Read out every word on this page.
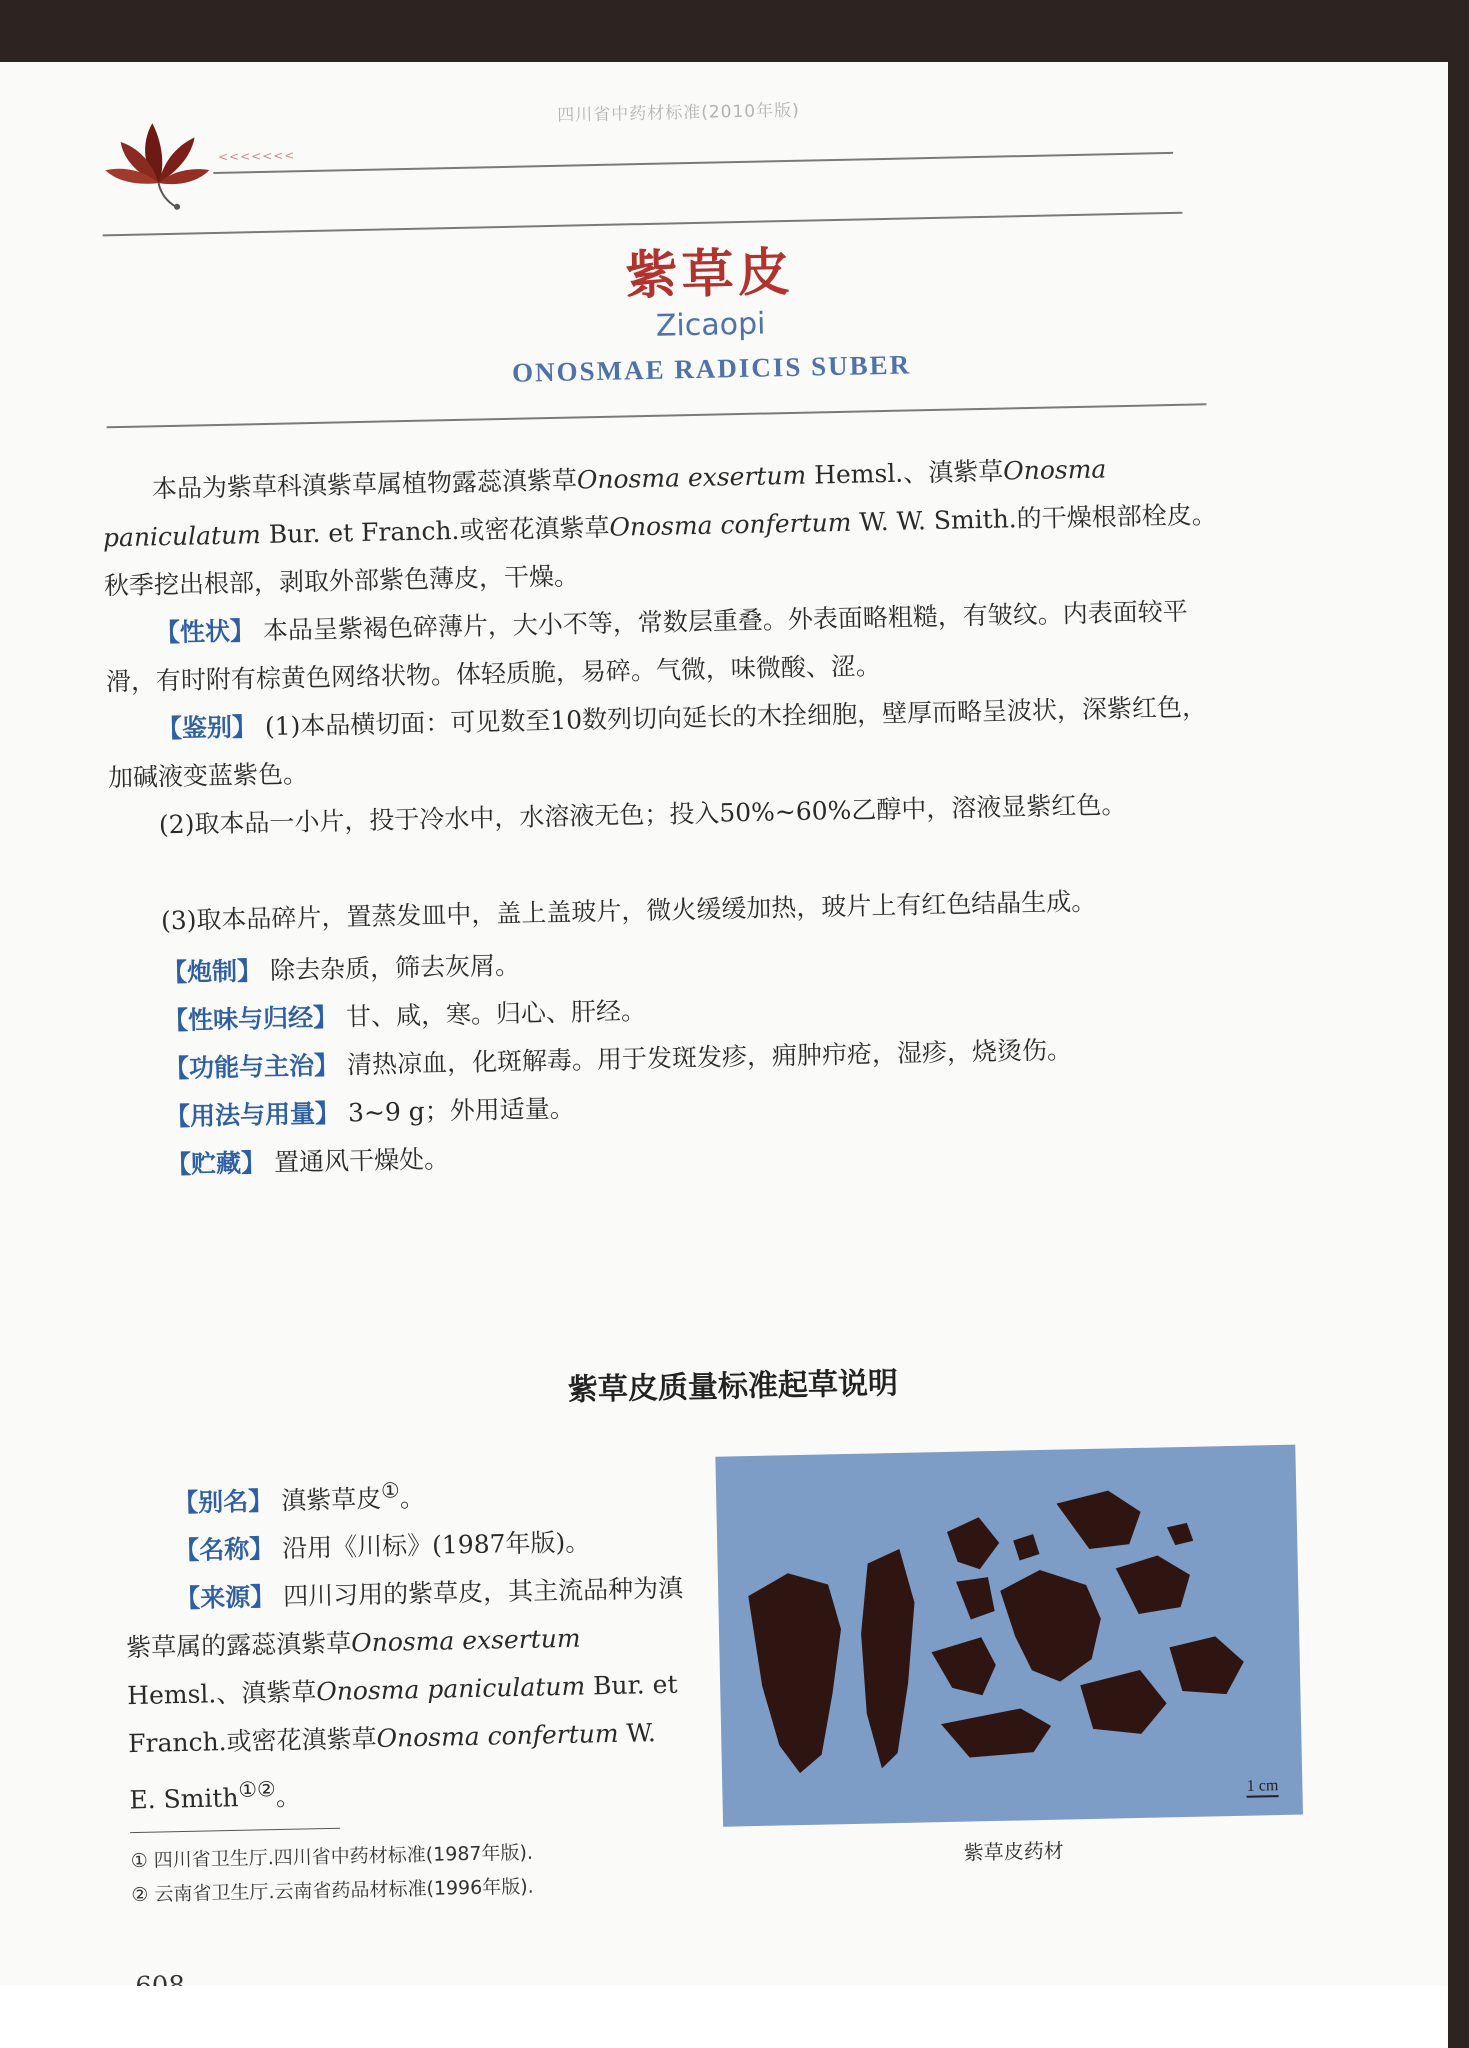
<<<<<<<
四川省中药材标准(2010年版)
紫草皮
Zicaopi
ONOSMAE RADICIS SUBER
本品为紫草科滇紫草属植物露蕊滇紫草Onosma exsertum Hemsl.、滇紫草Onosma paniculatum Bur. et Franch.或密花滇紫草Onosma confertum W. W. Smith.的干燥根部栓皮。秋季挖出根部，剥取外部紫色薄皮，干燥。
【性状】 本品呈紫褐色碎薄片，大小不等，常数层重叠。外表面略粗糙，有皱纹。内表面较平滑，有时附有棕黄色网络状物。体轻质脆，易碎。气微，味微酸、涩。
【鉴别】 (1)本品横切面：可见数至10数列切向延长的木拴细胞，壁厚而略呈波状，深紫红色，加碱液变蓝紫色。
(2)取本品一小片，投于冷水中，水溶液无色；投入50%~60%乙醇中，溶液显紫红色。
(3)取本品碎片，置蒸发皿中，盖上盖玻片，微火缓缓加热，玻片上有红色结晶生成。
【炮制】 除去杂质，筛去灰屑。
【性味与归经】 甘、咸，寒。归心、肝经。
【功能与主治】 清热凉血，化斑解毒。用于发斑发疹，痈肿疖疮，湿疹，烧烫伤。
【用法与用量】 3~9 g；外用适量。
【贮藏】 置通风干燥处。
紫草皮质量标准起草说明
【别名】 滇紫草皮①。
【名称】 沿用《川标》(1987年版)。
【来源】 四川习用的紫草皮，其主流品种为滇紫草属的露蕊滇紫草Onosma exsertum Hemsl.、滇紫草Onosma paniculatum Bur. et Franch.或密花滇紫草Onosma confertum W. E. Smith①②。	1 cm
紫草皮药材
① 四川省卫生厅.四川省中药材标准(1987年版).
② 云南省卫生厅.云南省药品材标准(1996年版).
